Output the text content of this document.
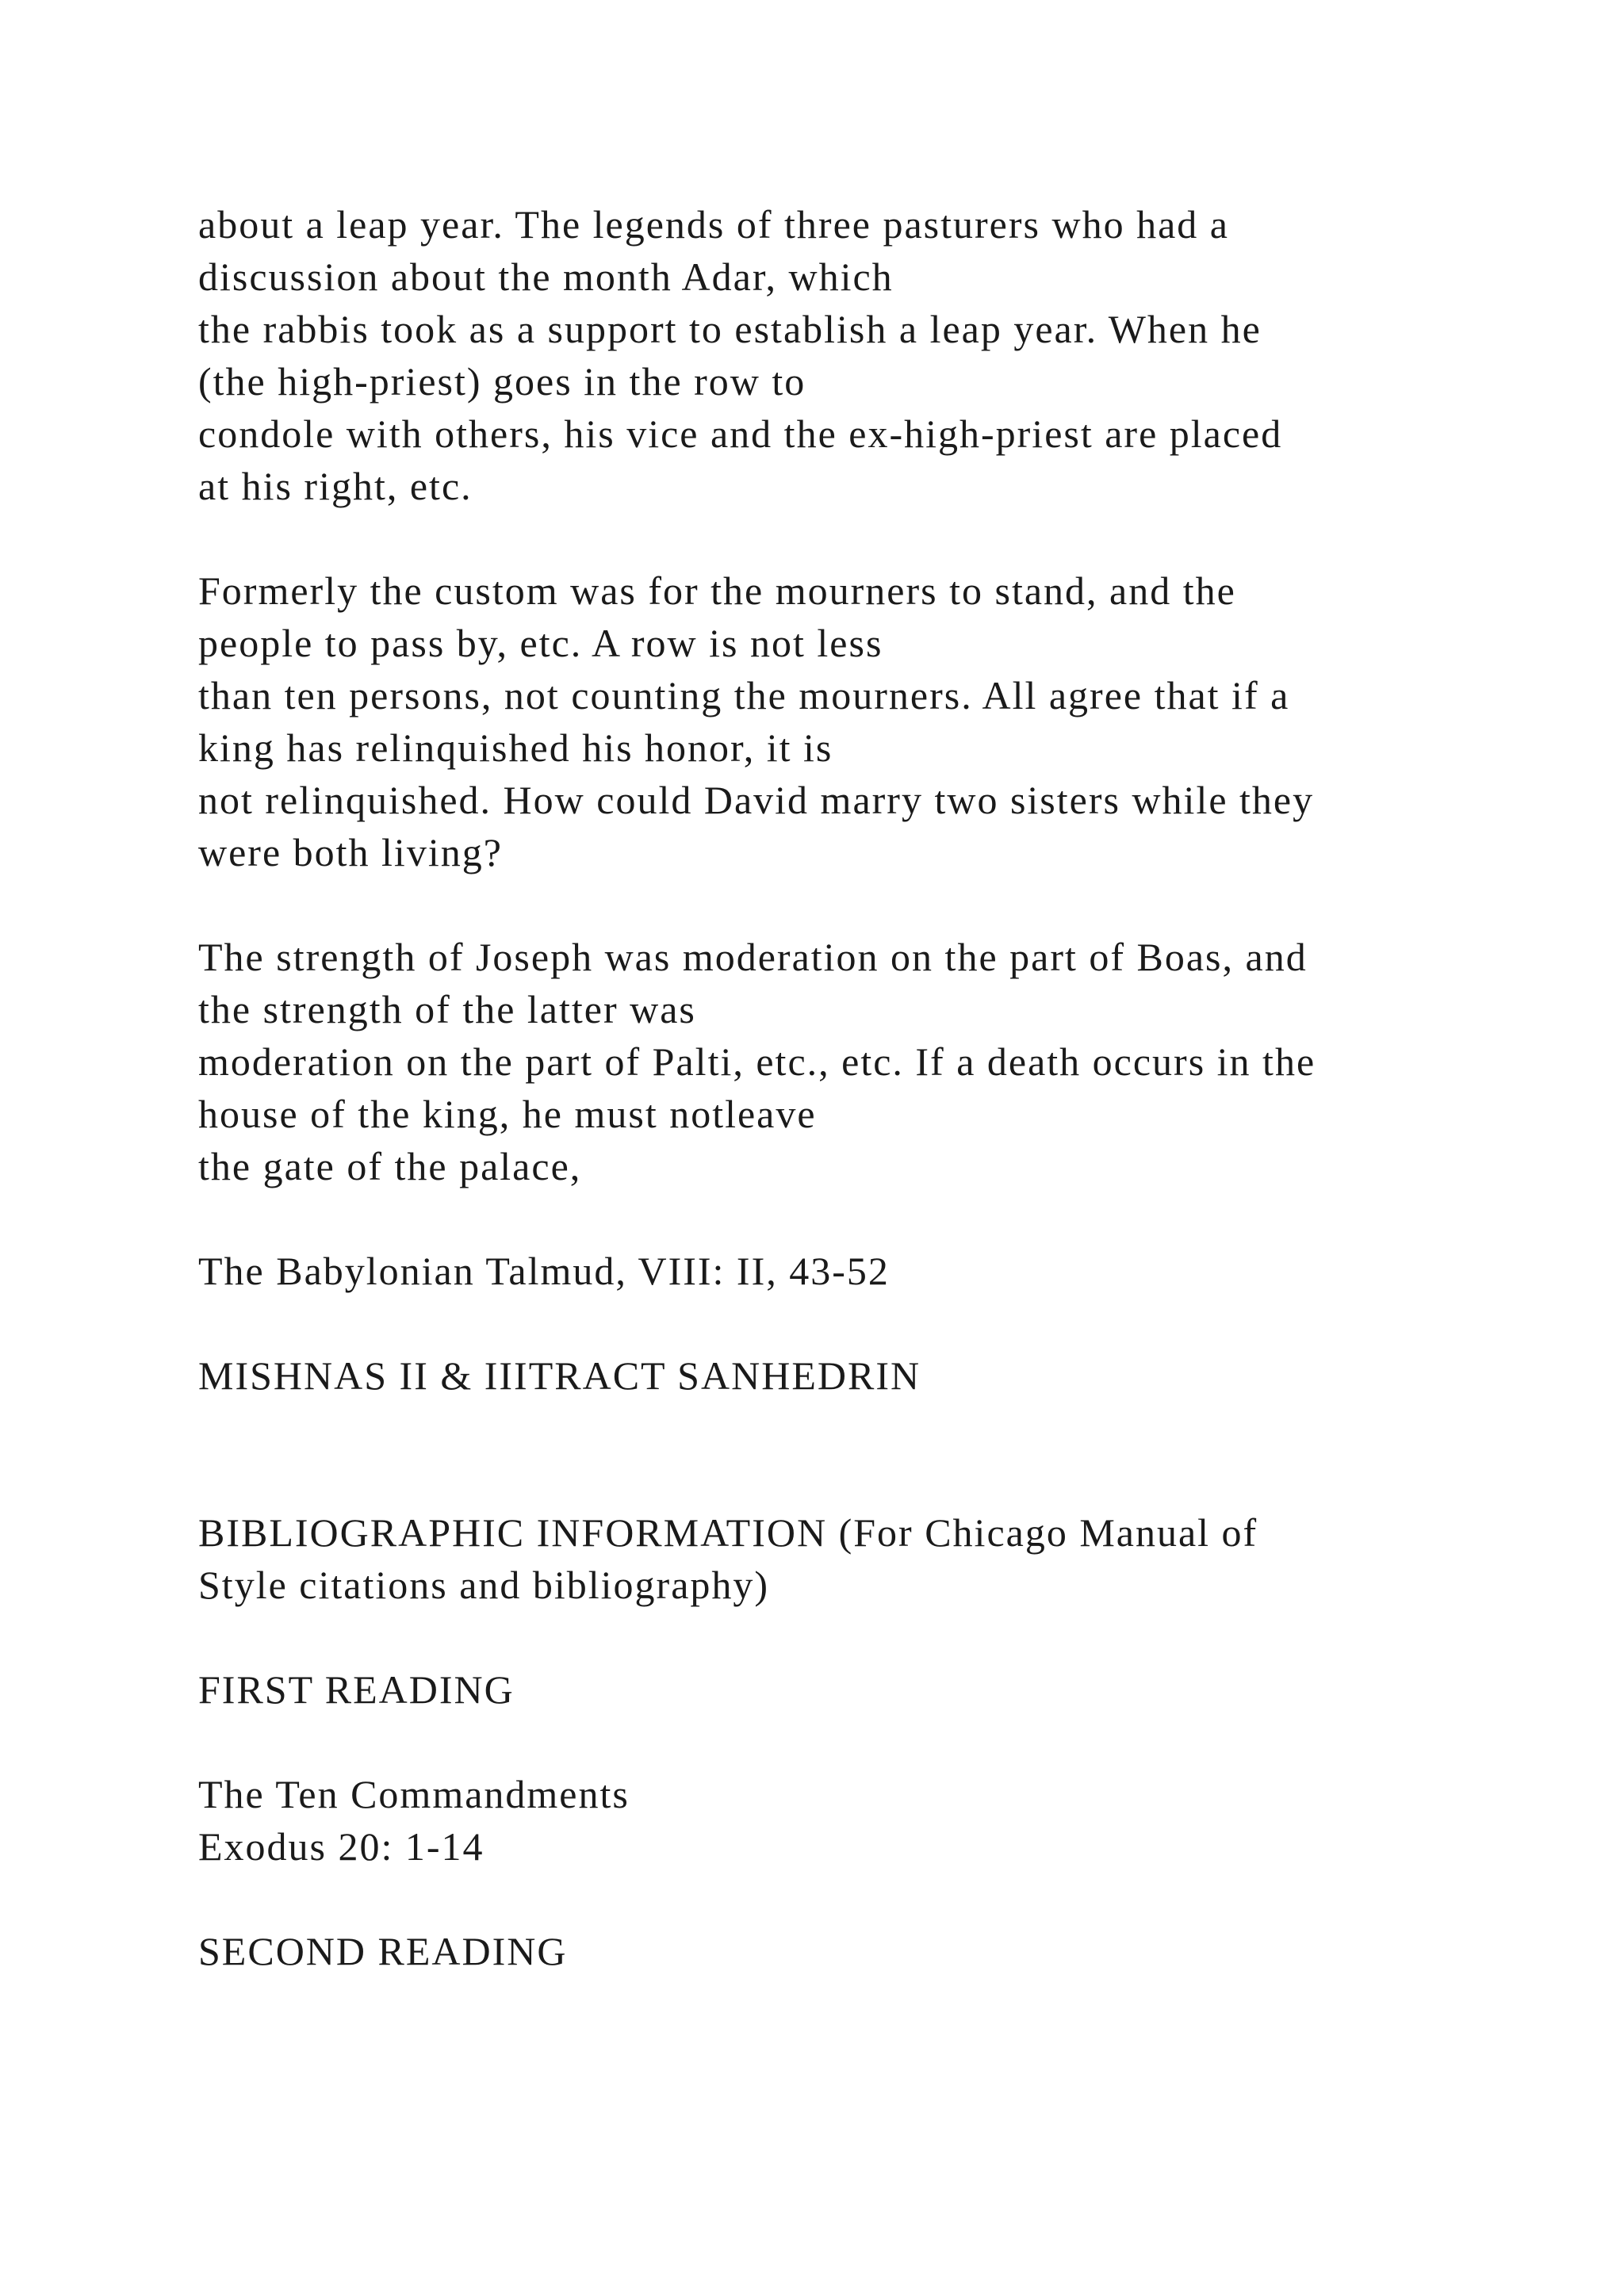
about a leap year. The legends of three pasturers who had a
discussion about the month Adar, which
the rabbis took as a support to establish a leap year. When he
(the high-priest) goes in the row to
condole with others, his vice and the ex-high-priest are placed
at his right, etc.
Formerly the custom was for the mourners to stand, and the
people to pass by, etc. A row is not less
than ten persons, not counting the mourners. All agree that if a
king has relinquished his honor, it is
not relinquished. How could David marry two sisters while they
were both living?
The strength of Joseph was moderation on the part of Boas, and
the strength of the latter was
moderation on the part of Palti, etc., etc. If a death occurs in the
house of the king, he must notleave
the gate of the palace,
The Babylonian Talmud, VIII: II, 43-52
MISHNAS II & IIITRACT SANHEDRIN
BIBLIOGRAPHIC INFORMATION (For Chicago Manual of
Style citations and bibliography)
FIRST READING
The Ten Commandments
Exodus 20: 1-14
SECOND READING
